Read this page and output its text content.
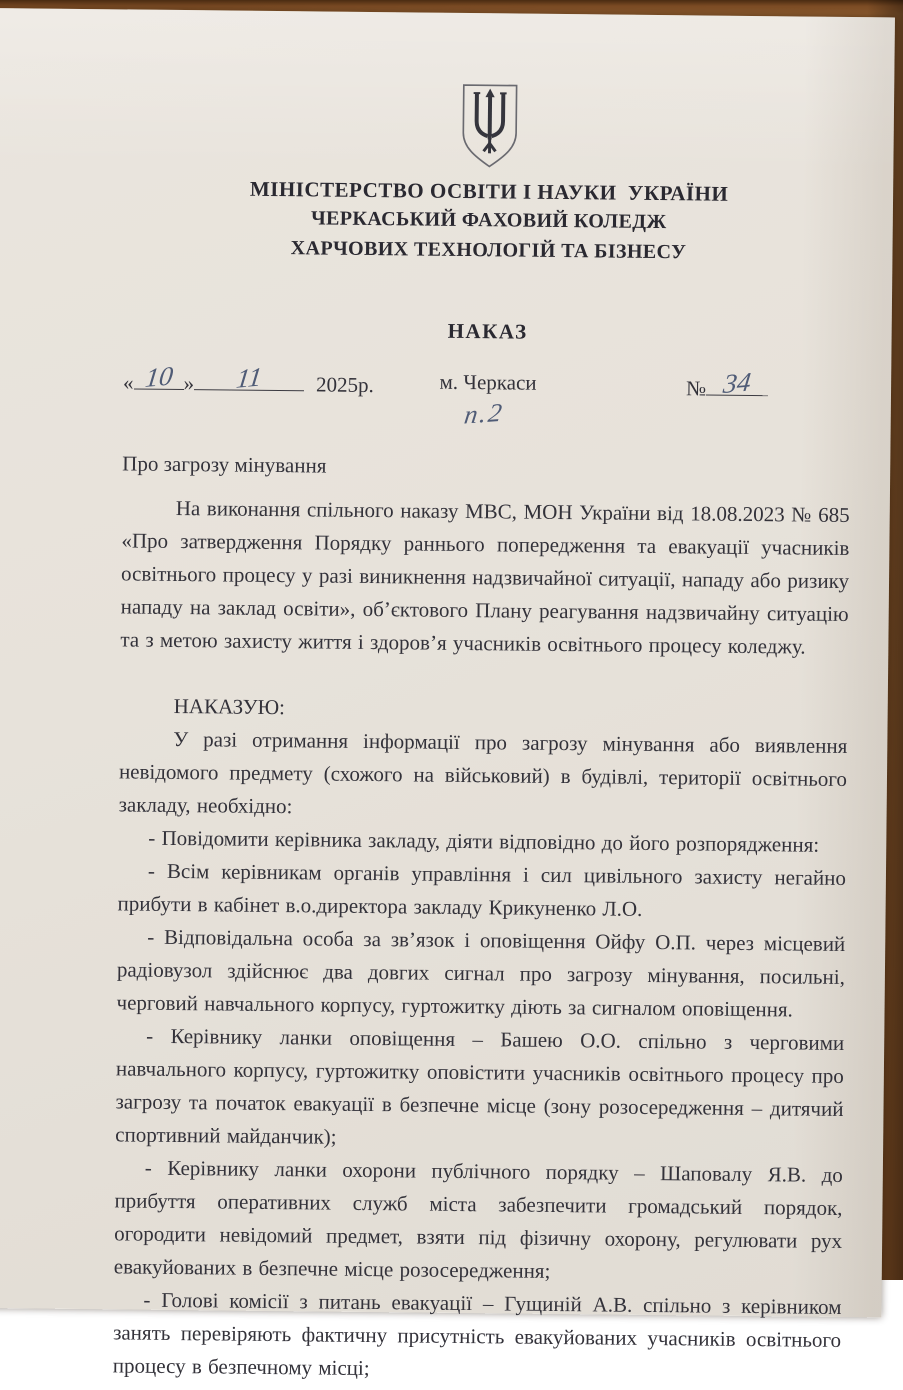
МІНІСТЕРСТВО ОСВІТИ І НАУКИ  УКРАЇНИ

ЧЕРКАСЬКИЙ ФАХОВИЙ КОЛЕДЖ

ХАРЧОВИХ ТЕХНОЛОГІЙ ТА БІЗНЕСУ

НАКАЗ

« 10 » 11 2025р.	м. Черкаси
п.2
№ 34

Про загрозу мінування

На виконання спільного наказу МВС, МОН України від 18.08.2023 № 685 «Про затвердження Порядку раннього попередження та евакуації учасників освітнього процесу у разі виникнення надзвичайної ситуації, нападу або ризику нападу на заклад освіти», об’єктового Плану реагування надзвичайну ситуацію та з метою захисту життя і здоров’я учасників освітнього процесу коледжу.

НАКАЗУЮ:

У разі отримання інформації про загрозу мінування або виявлення невідомого предмету (схожого на військовий) в будівлі, території освітнього закладу, необхідно:

- Повідомити керівника закладу, діяти відповідно до його розпорядження:

- Всім керівникам органів управління і сил цивільного захисту негайно прибути в кабінет в.о.директора закладу Крикуненко Л.О.

- Відповідальна особа за зв’язок і оповіщення Ойфу О.П. через місцевий радіовузол здійснює два довгих сигнал про загрозу мінування, посильні, черговий навчального корпусу, гуртожитку діють за сигналом оповіщення.

- Керівнику ланки оповіщення – Башею О.О. спільно з черговими навчального корпусу, гуртожитку оповістити учасників освітнього процесу про загрозу та початок евакуації в безпечне місце (зону розосередження – дитячий спортивний майданчик);

- Керівнику ланки охорони публічного порядку – Шаповалу Я.В. до прибуття оперативних служб міста забезпечити громадський порядок, огородити невідомий предмет, взяти під фізичну охорону, регулювати рух евакуйованих в безпечне місце розосередження;

- Голові комісії з питань евакуації – Гущиній А.В. спільно з керівником занять перевіряють фактичну присутність евакуйованих учасників освітнього процесу в безпечному місці;
